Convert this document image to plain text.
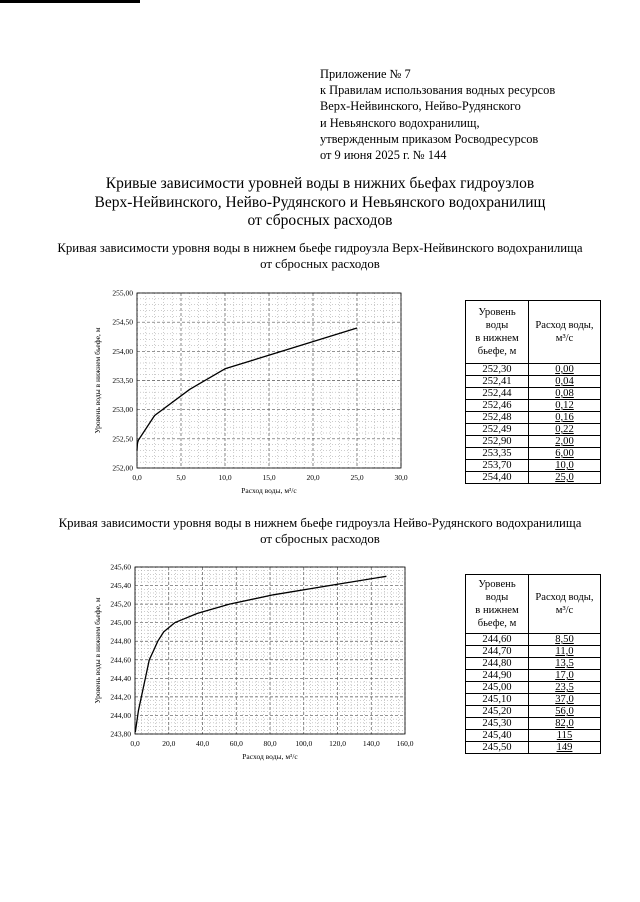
Приложение № 7
к Правилам использования водных ресурсов
Верх-Нейвинского, Нейво-Рудянского
и Невьянского водохранилищ,
утвержденным приказом Росводресурсов
от 9 июня 2025 г. № 144
Кривые зависимости уровней воды в нижних бьефах гидроузлов
Верх-Нейвинского, Нейво-Рудянского и Невьянского водохранилищ
от сбросных расходов
Кривая зависимости уровня воды в нижнем бьефе гидроузла Верх-Нейвинского водохранилища
от сбросных расходов
0,0	5,0	10,0	15,0	20,0	25,0	30,0
252,00
252,50
253,00
253,50
254,00
254,50
255,00
Расход воды, м³/с
Уровень воды в нижнем бьефе, м
Уровень
воды
в нижнем
бьефе, м	Расход воды, м³/с
252,30	0,00
252,41	0,04
252,44	0,08
252,46	0,12
252,48	0,16
252,49	0,22
252,90	2,00
253,35	6,00
253,70	10,0
254,40	25,0
Кривая зависимости уровня воды в нижнем бьефе гидроузла Нейво-Рудянского водохранилища
от сбросных расходов
0,0	20,0	40,0	60,0	80,0	100,0 120,0 140,0 160,0
243,80
244,00
244,20
244,40
244,60
244,80
245,00
245,20
245,40
245,60
Расход воды, м³/с
Уровень воды в нижнем бьефе, м
Уровень
воды
в нижнем
бьефе, м	Расход воды, м³/с
244,60	8,50
244,70	11,0
244,80	13,5
244,90	17,0
245,00	23,5
245,10	37,0
245,20	56,0
245,30	82,0
245,40	115
245,50	149
